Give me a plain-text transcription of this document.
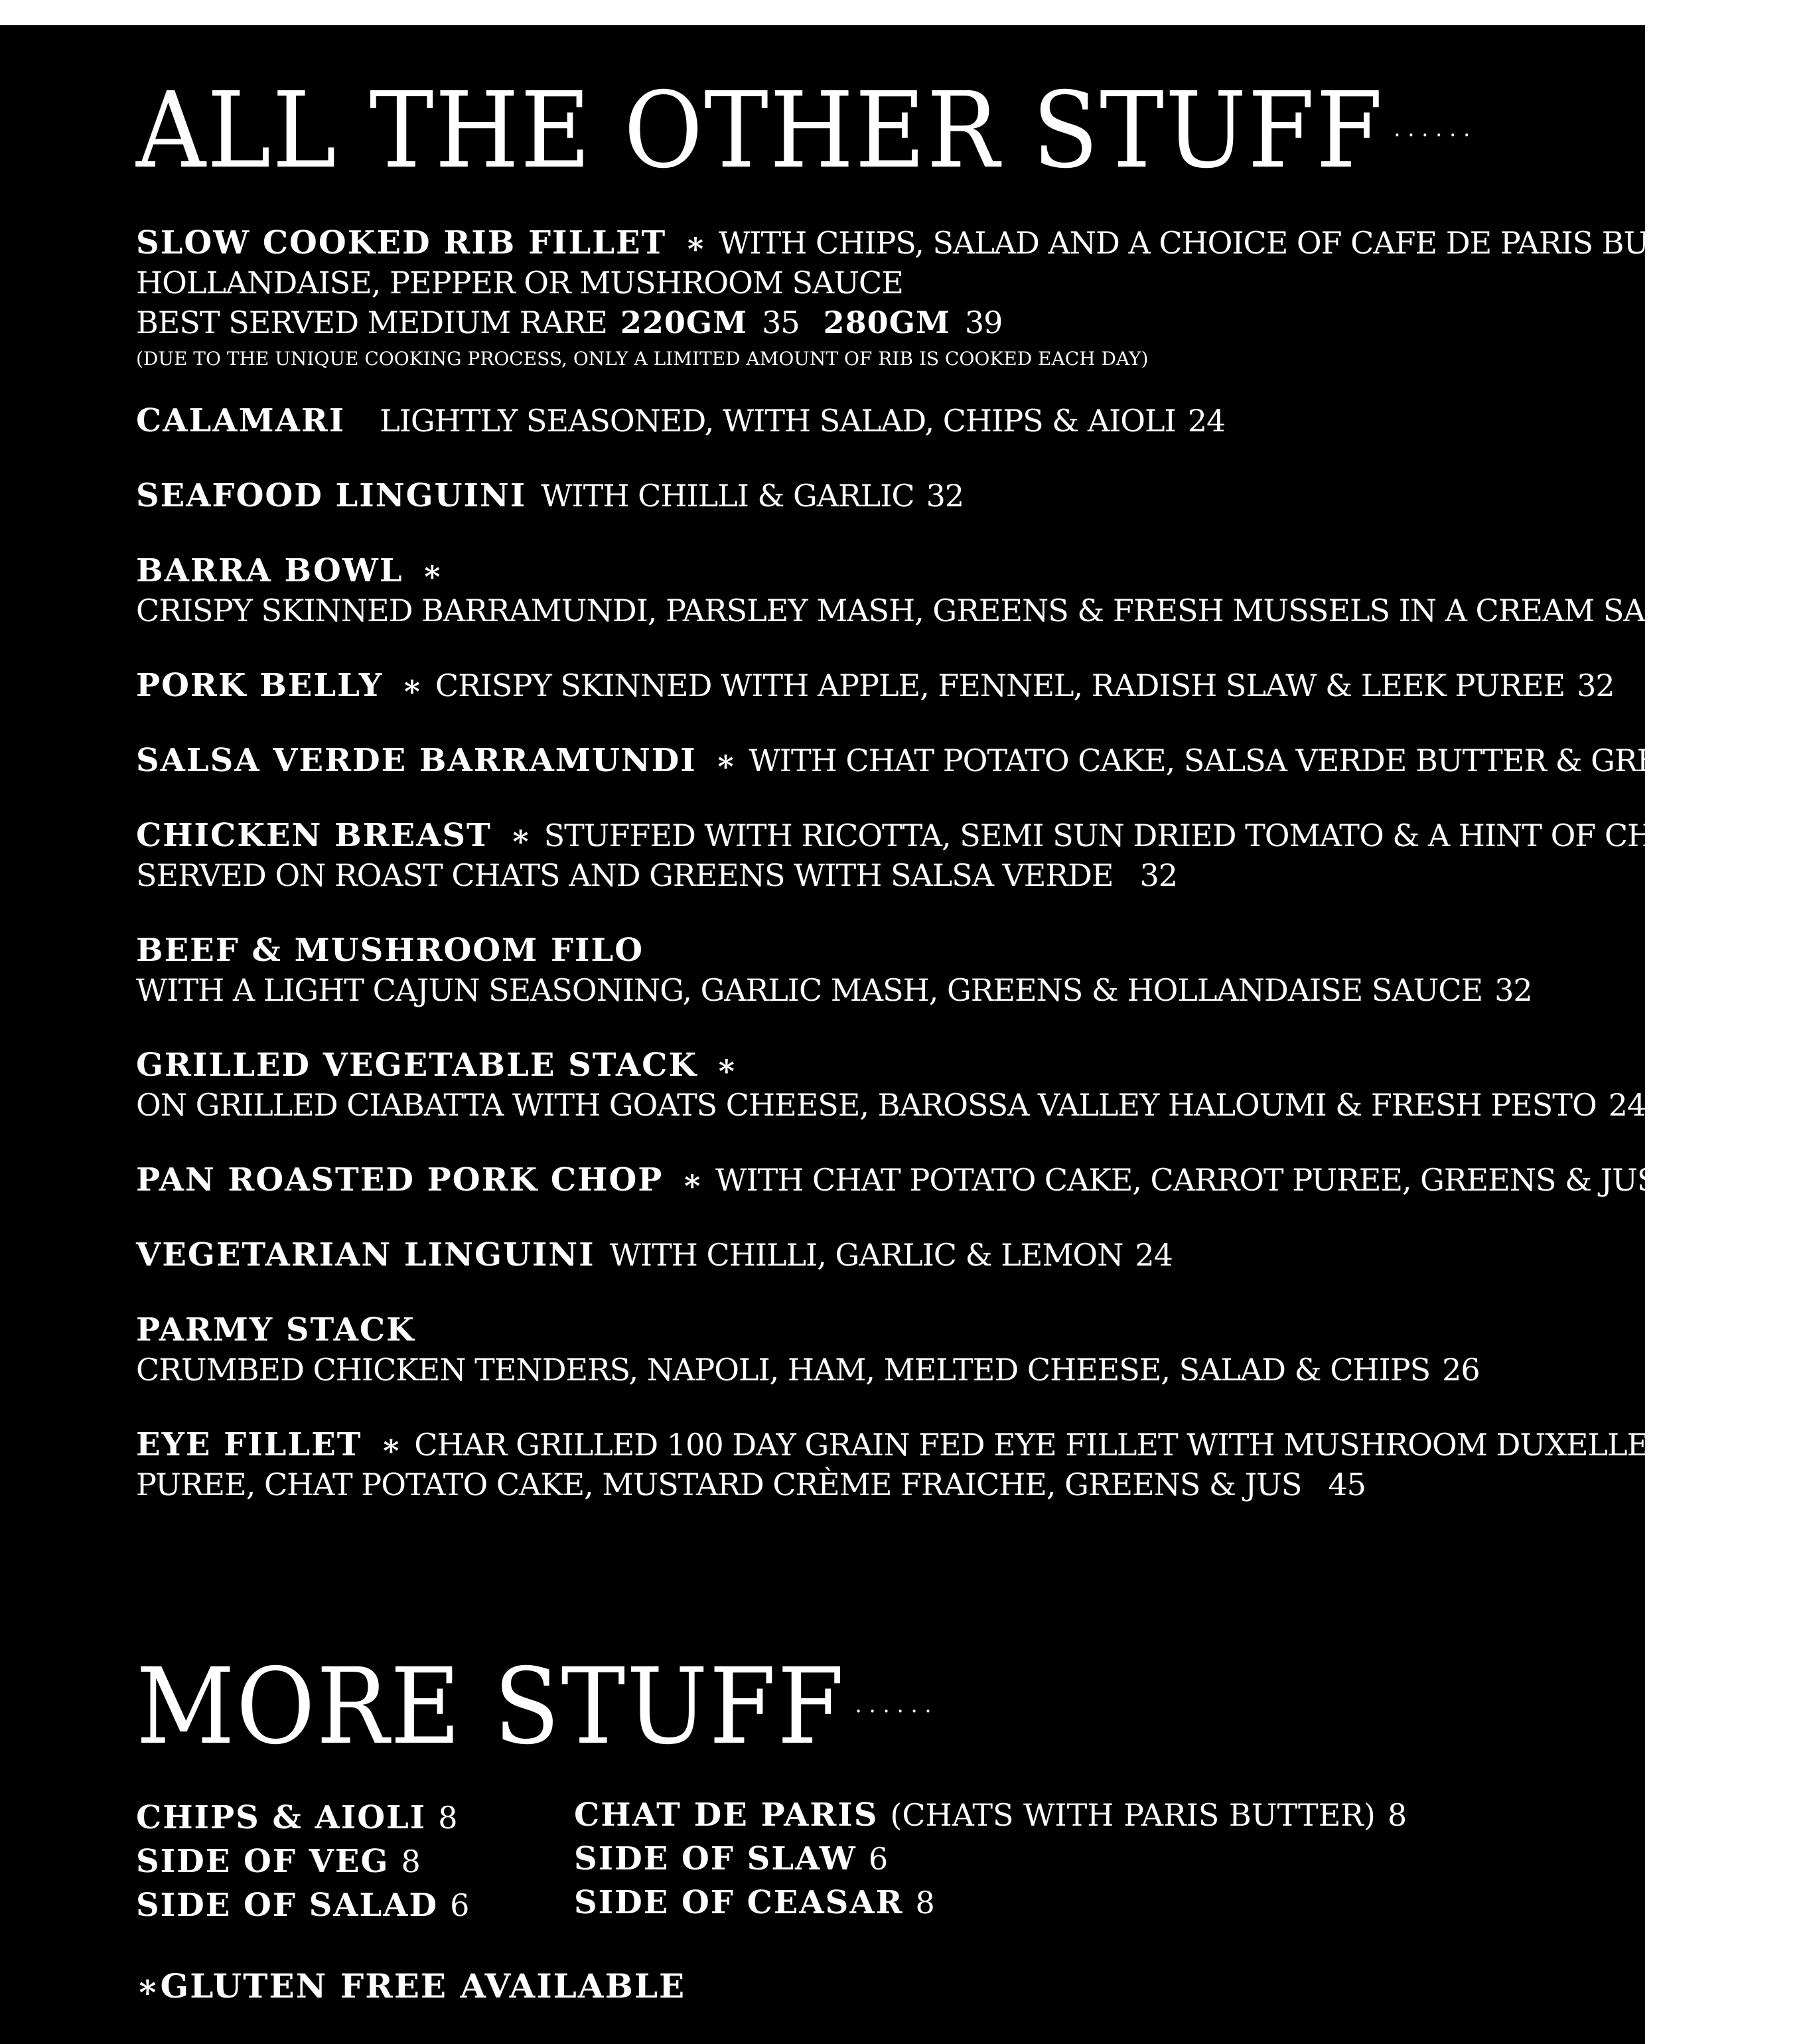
ALL THE OTHER STUFF ......
SLOW COOKED RIB FILLET ∗ WITH CHIPS, SALAD AND A CHOICE OF CAFE DE PARIS BUTTER,
HOLLANDAISE, PEPPER OR MUSHROOM SAUCE
BEST SERVED MEDIUM RARE 220GM 35 280GM 39
(DUE TO THE UNIQUE COOKING PROCESS, ONLY A LIMITED AMOUNT OF RIB IS COOKED EACH DAY)
CALAMARI LIGHTLY SEASONED, WITH SALAD, CHIPS & AIOLI 24
SEAFOOD LINGUINI WITH CHILLI & GARLIC 32
BARRA BOWL ∗
CRISPY SKINNED BARRAMUNDI, PARSLEY MASH, GREENS & FRESH MUSSELS IN A CREAM SAUCE 38
PORK BELLY ∗ CRISPY SKINNED WITH APPLE, FENNEL, RADISH SLAW & LEEK PUREE 32
SALSA VERDE BARRAMUNDI ∗ WITH CHAT POTATO CAKE, SALSA VERDE BUTTER & GREENS 34
CHICKEN BREAST ∗ STUFFED WITH RICOTTA, SEMI SUN DRIED TOMATO & A HINT OF CHILLI
SERVED ON ROAST CHATS AND GREENS WITH SALSA VERDE 32
BEEF & MUSHROOM FILO
WITH A LIGHT CAJUN SEASONING, GARLIC MASH, GREENS & HOLLANDAISE SAUCE 32
GRILLED VEGETABLE STACK ∗
ON GRILLED CIABATTA WITH GOATS CHEESE, BAROSSA VALLEY HALOUMI & FRESH PESTO 24
PAN ROASTED PORK CHOP ∗ WITH CHAT POTATO CAKE, CARROT PUREE, GREENS & JUS 34
VEGETARIAN LINGUINI WITH CHILLI, GARLIC & LEMON 24
PARMY STACK
CRUMBED CHICKEN TENDERS, NAPOLI, HAM, MELTED CHEESE, SALAD & CHIPS 26
EYE FILLET ∗ CHAR GRILLED 100 DAY GRAIN FED EYE FILLET WITH MUSHROOM DUXELLE, PARSNIP
PUREE, CHAT POTATO CAKE, MUSTARD CRÈME FRAICHE, GREENS & JUS 45
MORE STUFF ......
CHIPS & AIOLI 8
SIDE OF VEG 8
SIDE OF SALAD 6
CHAT DE PARIS (CHATS WITH PARIS BUTTER) 8
SIDE OF SLAW 6
SIDE OF CEASAR 8
∗GLUTEN FREE AVAILABLE
